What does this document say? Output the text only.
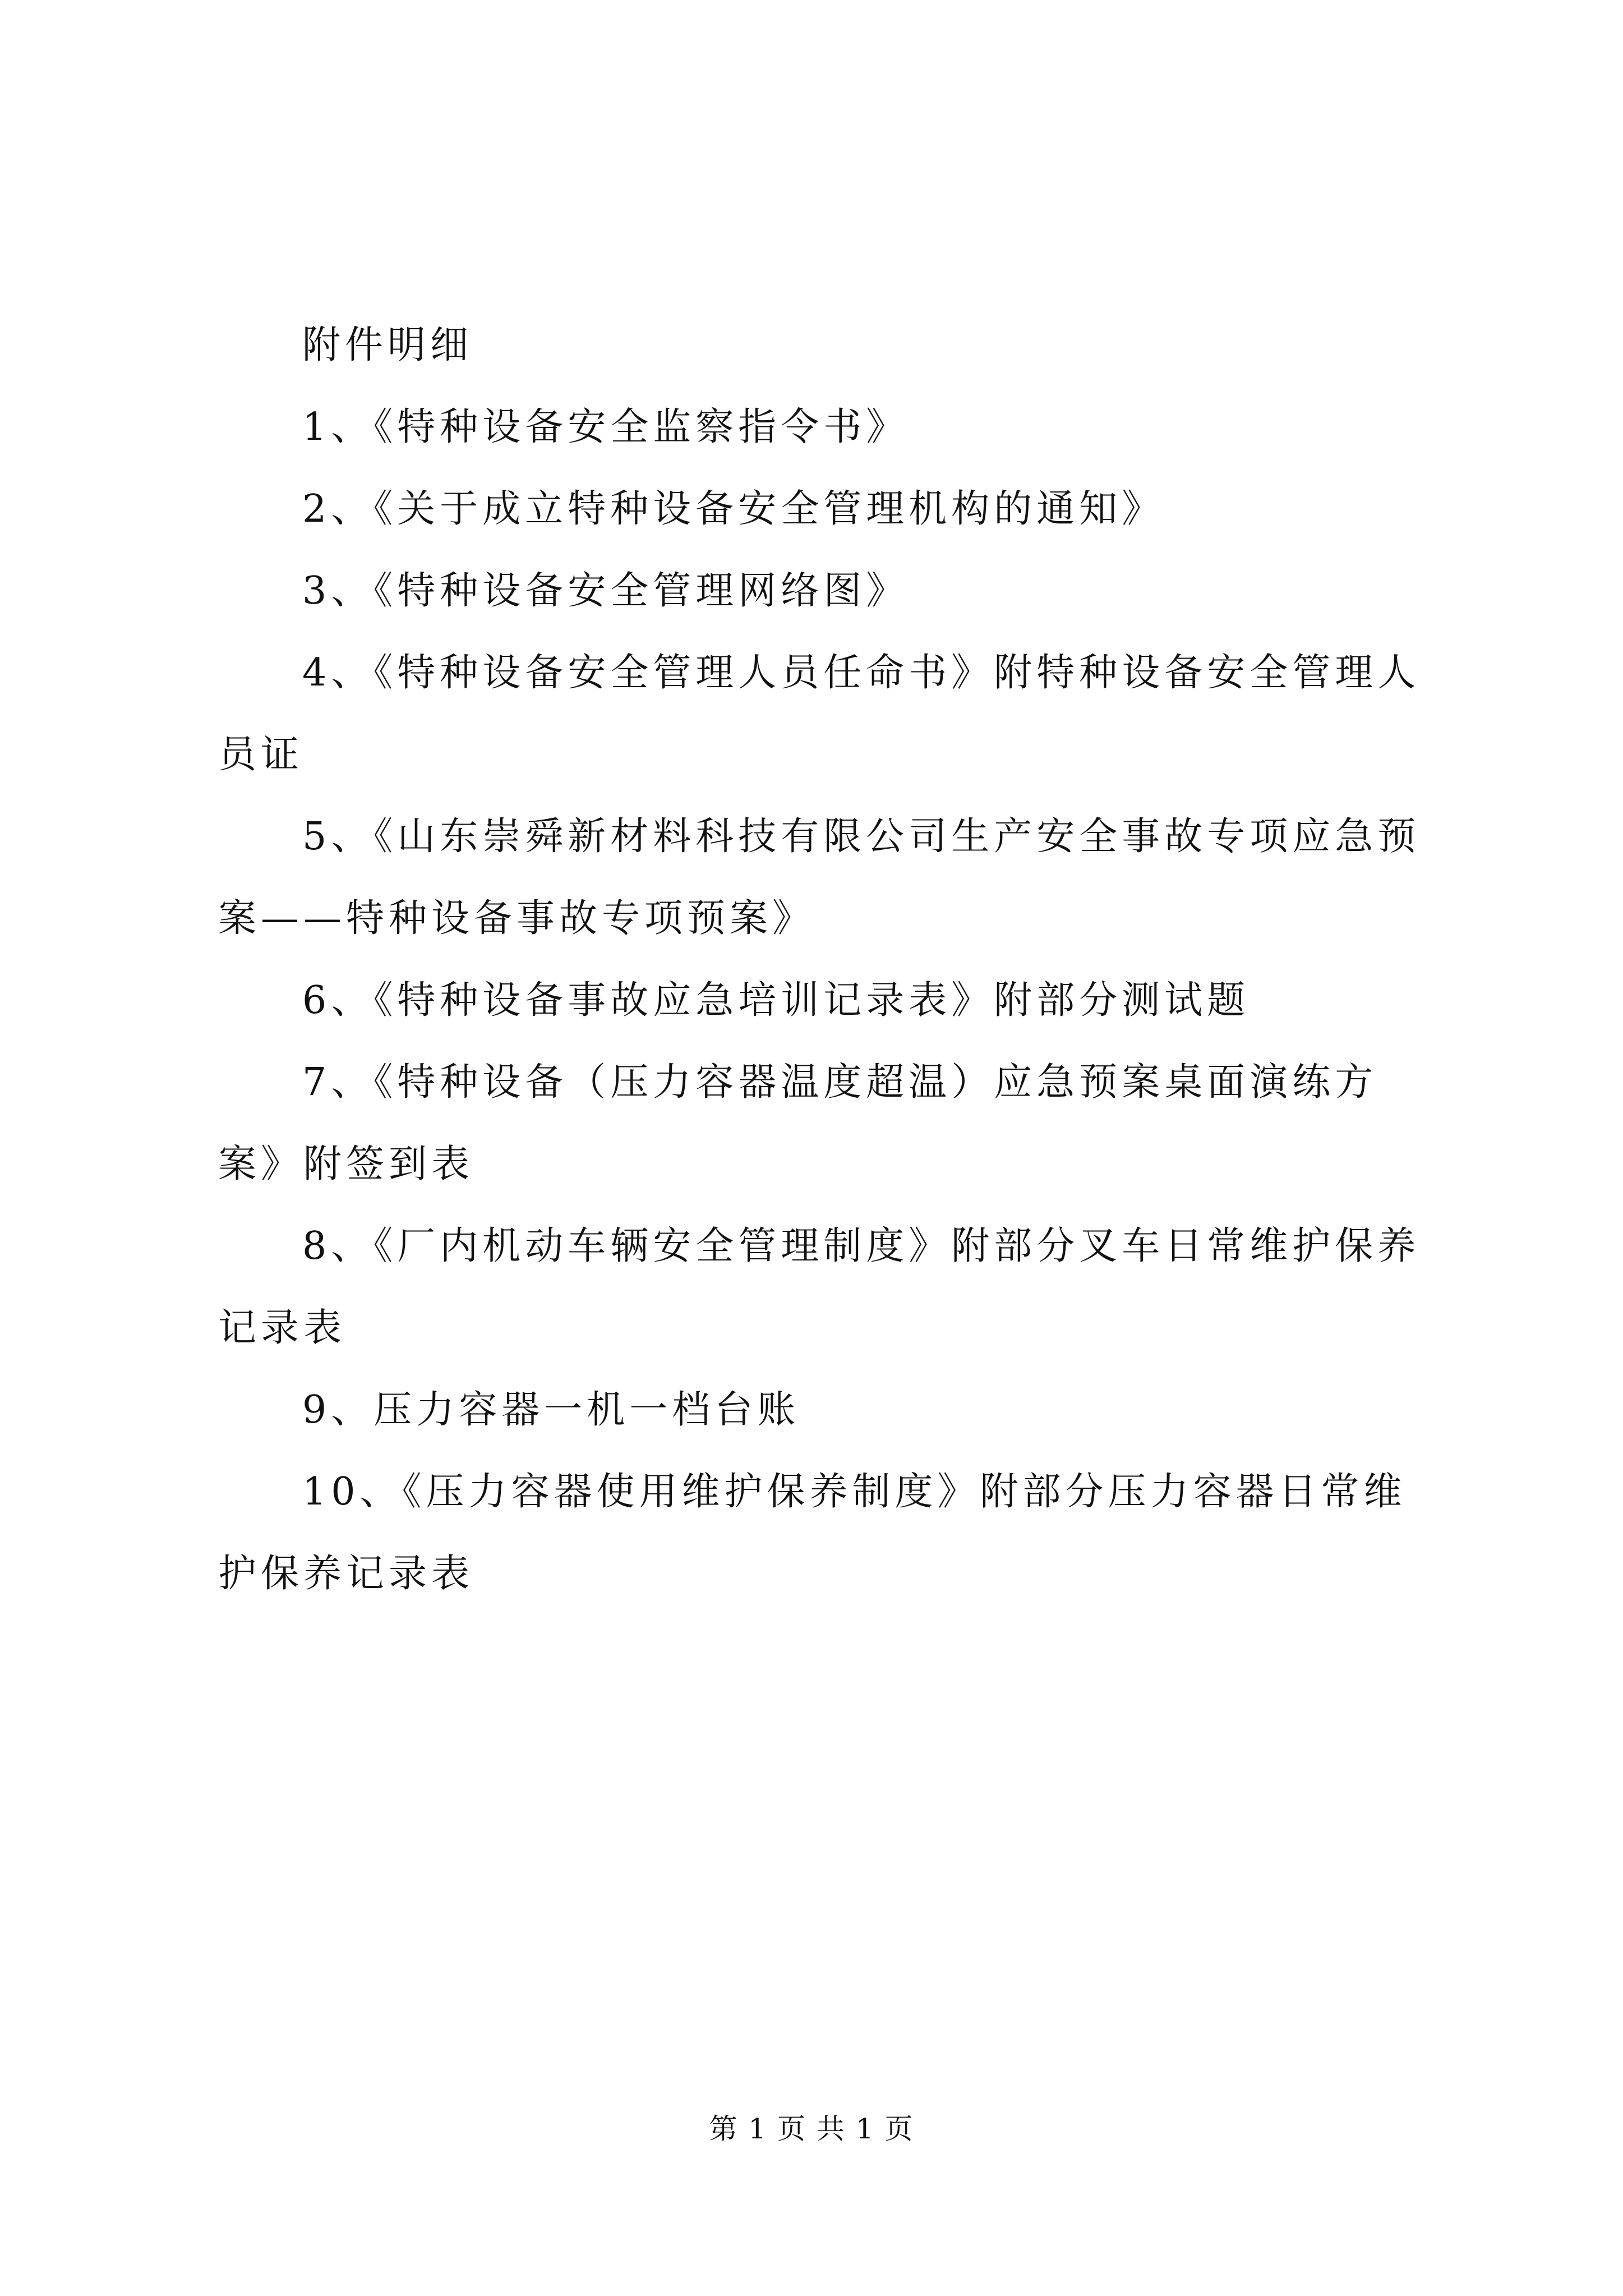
附件明细

1、《特种设备安全监察指令书》

2、《关于成立特种设备安全管理机构的通知》

3、《特种设备安全管理网络图》

4、《特种设备安全管理人员任命书》附特种设备安全管理人员证

5、《山东崇舜新材料科技有限公司生产安全事故专项应急预案——特种设备事故专项预案》

6、《特种设备事故应急培训记录表》附部分测试题

7、《特种设备（压力容器温度超温）应急预案桌面演练方案》附签到表

8、《厂内机动车辆安全管理制度》附部分叉车日常维护保养记录表

9、压力容器一机一档台账

10、《压力容器使用维护保养制度》附部分压力容器日常维护保养记录表

第 1 页 共 1 页
